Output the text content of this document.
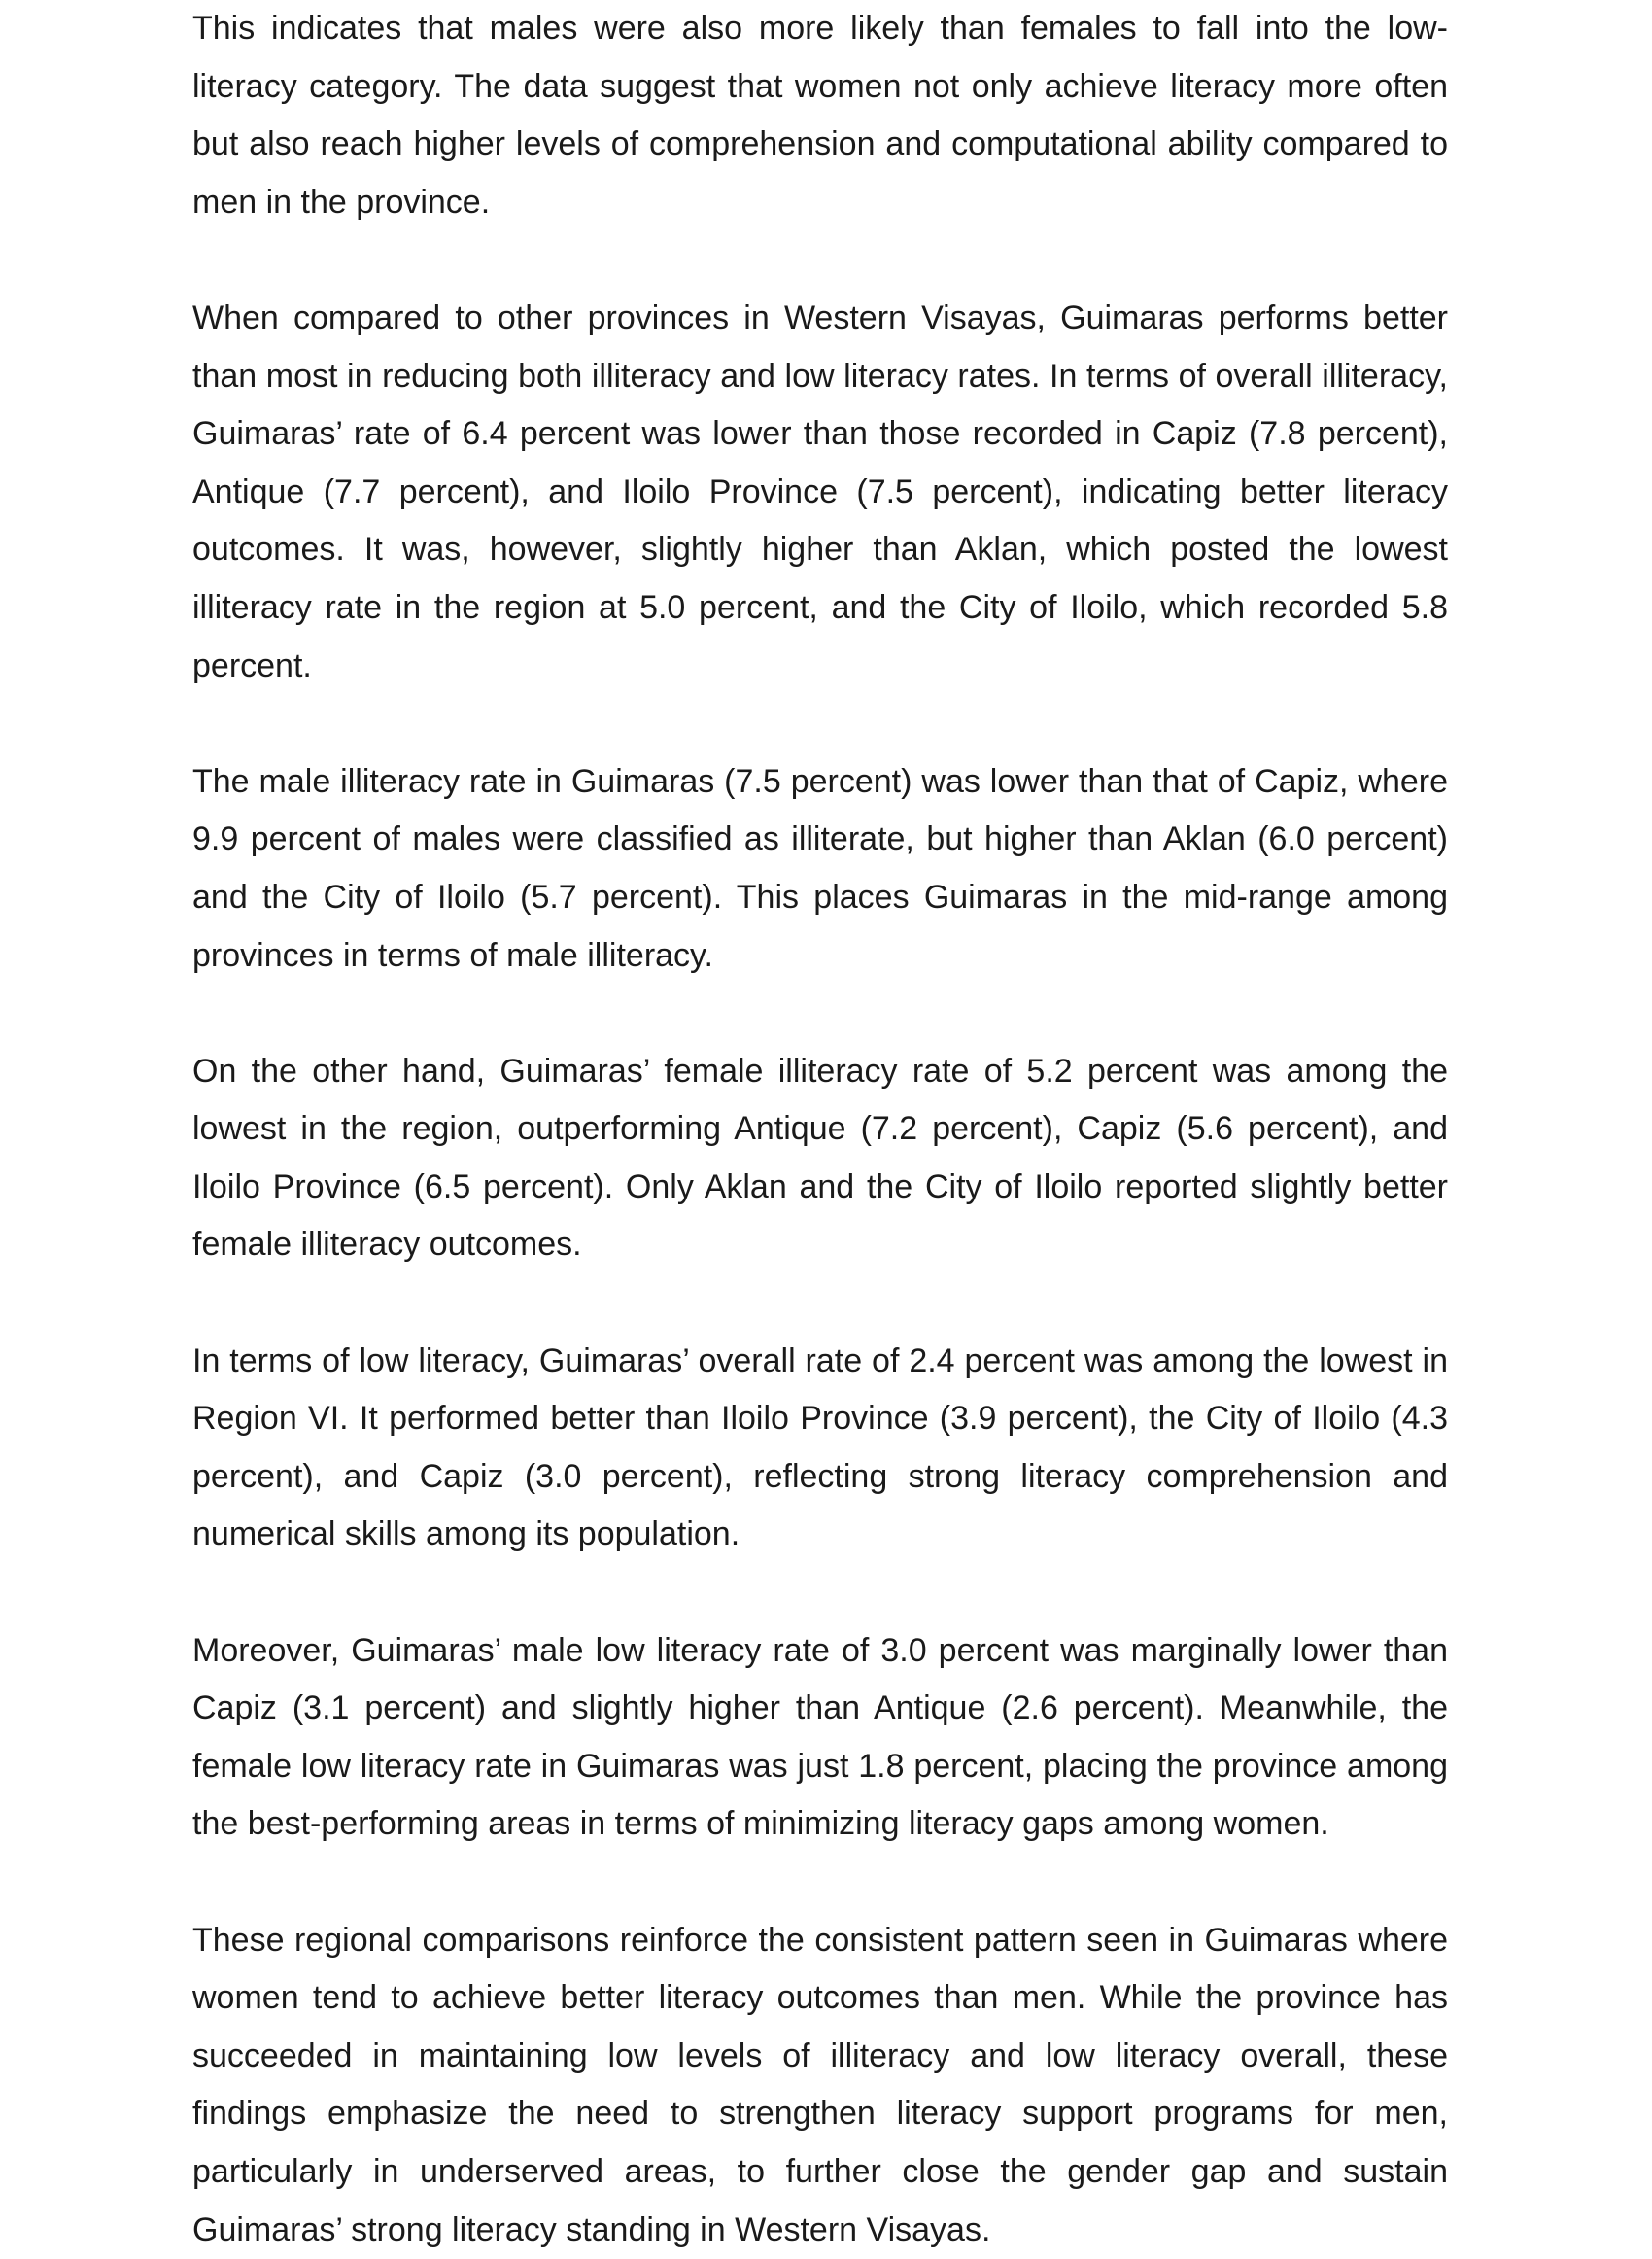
This indicates that males were also more likely than females to fall into the low-literacy category. The data suggest that women not only achieve literacy more often but also reach higher levels of comprehension and computational ability compared to men in the province.

When compared to other provinces in Western Visayas, Guimaras performs better than most in reducing both illiteracy and low literacy rates. In terms of overall illiteracy, Guimaras’ rate of 6.4 percent was lower than those recorded in Capiz (7.8 percent), Antique (7.7 percent), and Iloilo Province (7.5 percent), indicating better literacy outcomes. It was, however, slightly higher than Aklan, which posted the lowest illiteracy rate in the region at 5.0 percent, and the City of Iloilo, which recorded 5.8 percent.

The male illiteracy rate in Guimaras (7.5 percent) was lower than that of Capiz, where 9.9 percent of males were classified as illiterate, but higher than Aklan (6.0 percent) and the City of Iloilo (5.7 percent). This places Guimaras in the mid-range among provinces in terms of male illiteracy.

On the other hand, Guimaras’ female illiteracy rate of 5.2 percent was among the lowest in the region, outperforming Antique (7.2 percent), Capiz (5.6 percent), and Iloilo Province (6.5 percent). Only Aklan and the City of Iloilo reported slightly better female illiteracy outcomes.

In terms of low literacy, Guimaras’ overall rate of 2.4 percent was among the lowest in Region VI. It performed better than Iloilo Province (3.9 percent), the City of Iloilo (4.3 percent), and Capiz (3.0 percent), reflecting strong literacy comprehension and numerical skills among its population.

Moreover, Guimaras’ male low literacy rate of 3.0 percent was marginally lower than Capiz (3.1 percent) and slightly higher than Antique (2.6 percent). Meanwhile, the female low literacy rate in Guimaras was just 1.8 percent, placing the province among the best-performing areas in terms of minimizing literacy gaps among women.

These regional comparisons reinforce the consistent pattern seen in Guimaras where women tend to achieve better literacy outcomes than men. While the province has succeeded in maintaining low levels of illiteracy and low literacy overall, these findings emphasize the need to strengthen literacy support programs for men, particularly in underserved areas, to further close the gender gap and sustain Guimaras’ strong literacy standing in Western Visayas.
